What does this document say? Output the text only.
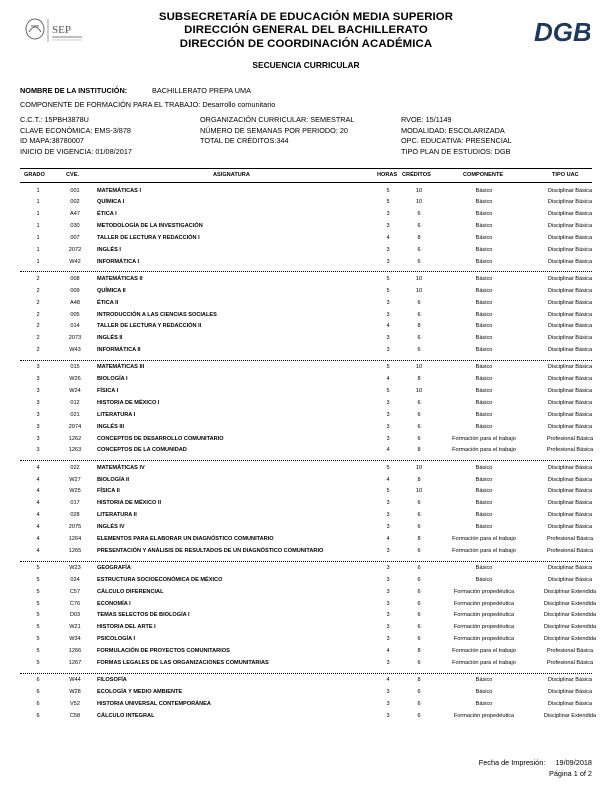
SEP	DGB
SUBSECRETARÍA DE EDUCACIÓN MEDIA SUPERIOR
DIRECCIÓN GENERAL DEL BACHILLERATO
DIRECCIÓN DE COORDINACIÓN ACADÉMICA
SECUENCIA CURRICULAR
NOMBRE DE LA INSTITUCIÓN:	BACHILLERATO PREPA UMA
COMPONENTE DE FORMACIÓN PARA EL TRABAJO: Desarrollo comunitario
C.C.T.: 15PBH3878U
CLAVE ECONÓMICA: EMS-3/878
ID MAPA:38780007
INICIO DE VIGENCIA: 01/08/2017
ORGANIZACIÓN CURRICULAR: SEMESTRAL
NÚMERO DE SEMANAS POR PERIODO: 20
TOTAL DE CRÉDITOS:344
RVOE: 15/1149
MODALIDAD: ESCOLARIZADA
OPC. EDUCATIVA: PRESENCIAL
TIPO PLAN DE ESTUDIOS: DGB
GRADO	CVE.	ASIGNATURA	HORAS CRÉDITOS	COMPONENTE	TIPO UAC
1	001	MATEMÁTICAS I	5	10	Básico	Disciplinar Básica
1	002	QUÍMICA I	5	10	Básico	Disciplinar Básica
1	A47	ÉTICA I	3	6	Básico	Disciplinar Básica
1	030	METODOLOGÍA DE LA INVESTIGACIÓN	3	6	Básico	Disciplinar Básica
1	007	TALLER DE LECTURA Y REDACCIÓN I	4	8	Básico	Disciplinar Básica
1	2072	INGLÉS I	3	6	Básico	Disciplinar Básica
1	W42	INFORMÁTICA I	3	6	Básico	Disciplinar Básica
2	008	MATEMÁTICAS II	5	10	Básico	Disciplinar Básica
2	009	QUÍMICA II	5	10	Básico	Disciplinar Básica
2	A48	ÉTICA II	3	6	Básico	Disciplinar Básica
2	005	INTRODUCCIÓN A LAS CIENCIAS SOCIALES	3	6	Básico	Disciplinar Básica
2	014	TALLER DE LECTURA Y REDACCIÓN II	4	8	Básico	Disciplinar Básica
2	2073	INGLÉS II	3	6	Básico	Disciplinar Básica
2	W43	INFORMÁTICA II	3	6	Básico	Disciplinar Básica
3	015	MATEMÁTICAS III	5	10	Básico	Disciplinar Básica
3	W26	BIOLOGÍA I	4	8	Básico	Disciplinar Básica
3	W24	FÍSICA I	5	10	Básico	Disciplinar Básica
3	012	HISTORIA DE MÉXICO I	3	6	Básico	Disciplinar Básica
3	021	LITERATURA I	3	6	Básico	Disciplinar Básica
3	2074	INGLÉS III	3	6	Básico	Disciplinar Básica
3	1262	CONCEPTOS DE DESARROLLO COMUNITARIO	3	6	Formación para el trabajo	Profesional Básica
3	1263	CONCEPTOS DE LA COMUNIDAD	4	8	Formación para el trabajo	Profesional Básica
4	022	MATEMÁTICAS IV	5	10	Básico	Disciplinar Básica
4	W27	BIOLOGÍA II	4	8	Básico	Disciplinar Básica
4	W25	FÍSICA II	5	10	Básico	Disciplinar Básica
4	017	HISTORIA DE MÉXICO II	3	6	Básico	Disciplinar Básica
4	028	LITERATURA II	3	6	Básico	Disciplinar Básica
4	2075	INGLÉS IV	3	6	Básico	Disciplinar Básica
4	1264	ELEMENTOS PARA ELABORAR UN DIAGNÓSTICO COMUNITARIO	4	8	Formación para el trabajo	Profesional Básica
4	1265	PRESENTACIÓN Y ANÁLISIS DE RESULTADOS DE UN DIAGNÓSTICO COMUNITARIO	3	6	Formación para el trabajo	Profesional Básica
5	W23	GEOGRAFÍA	3	6	Básico	Disciplinar Básica
5	024	ESTRUCTURA SOCIOECONÓMICA DE MÉXICO	3	6	Básico	Disciplinar Básica
5	C57	CÁLCULO DIFERENCIAL	3	6	Formación propedéutica	Disciplinar Extendida
5	C76	ECONOMÍA I	3	6	Formación propedéutica	Disciplinar Extendida
5	D03	TEMAS SELECTOS DE BIOLOGÍA I	3	6	Formación propedéutica	Disciplinar Extendida
5	W21	HISTORIA DEL ARTE I	3	6	Formación propedéutica	Disciplinar Extendida
5	W34	PSICOLOGÍA I	3	6	Formación propedéutica	Disciplinar Extendida
5	1266	FORMULACIÓN DE PROYECTOS COMUNITARIOS	4	8	Formación para el trabajo	Profesional Básica
5	1267	FORMAS LEGALES DE LAS ORGANIZACIONES COMUNITARIAS	3	6	Formación para el trabajo	Profesional Básica
6	W44	FILOSOFÍA	4	8	Básico	Disciplinar Básica
6	W28	ECOLOGÍA Y MEDIO AMBIENTE	3	6	Básico	Disciplinar Básica
6	V52	HISTORIA UNIVERSAL CONTEMPORÁNEA	3	6	Básico	Disciplinar Básica
6	C58	CÁLCULO INTEGRAL	3	6	Formación propedéutica	Disciplinar Extendida
Fecha de Impresión: 19/09/2018
Página 1 of 2
